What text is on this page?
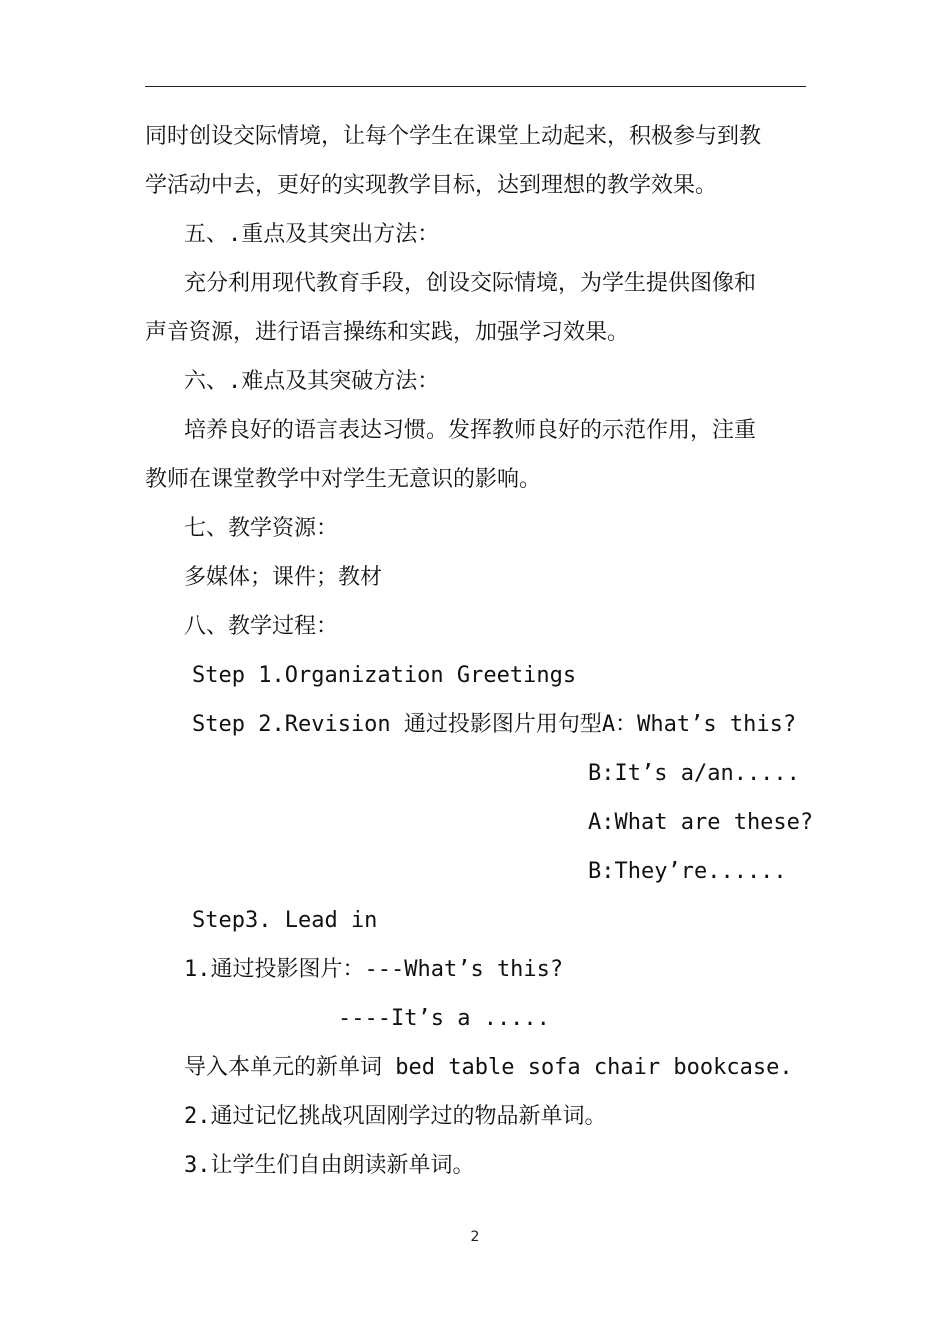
同时创设交际情境，让每个学生在课堂上动起来，积极参与到教
学活动中去，更好的实现教学目标，达到理想的教学效果。
五、.重点及其突出方法：
充分利用现代教育手段，创设交际情境，为学生提供图像和
声音资源，进行语言操练和实践，加强学习效果。
六、.难点及其突破方法：
培养良好的语言表达习惯。发挥教师良好的示范作用，注重
教师在课堂教学中对学生无意识的影响。
七、教学资源：
多媒体；课件；教材
八、教学过程：
Step 1.Organization Greetings
Step 2.Revision 通过投影图片用句型A：What’s this?
B:It’s a/an.....
A:What are these?
B:They’re......
Step3. Lead in
1.通过投影图片：---What’s this?
----It’s a .....
导入本单元的新单词 bed table sofa chair bookcase.
2.通过记忆挑战巩固刚学过的物品新单词。
3.让学生们自由朗读新单词。
2
